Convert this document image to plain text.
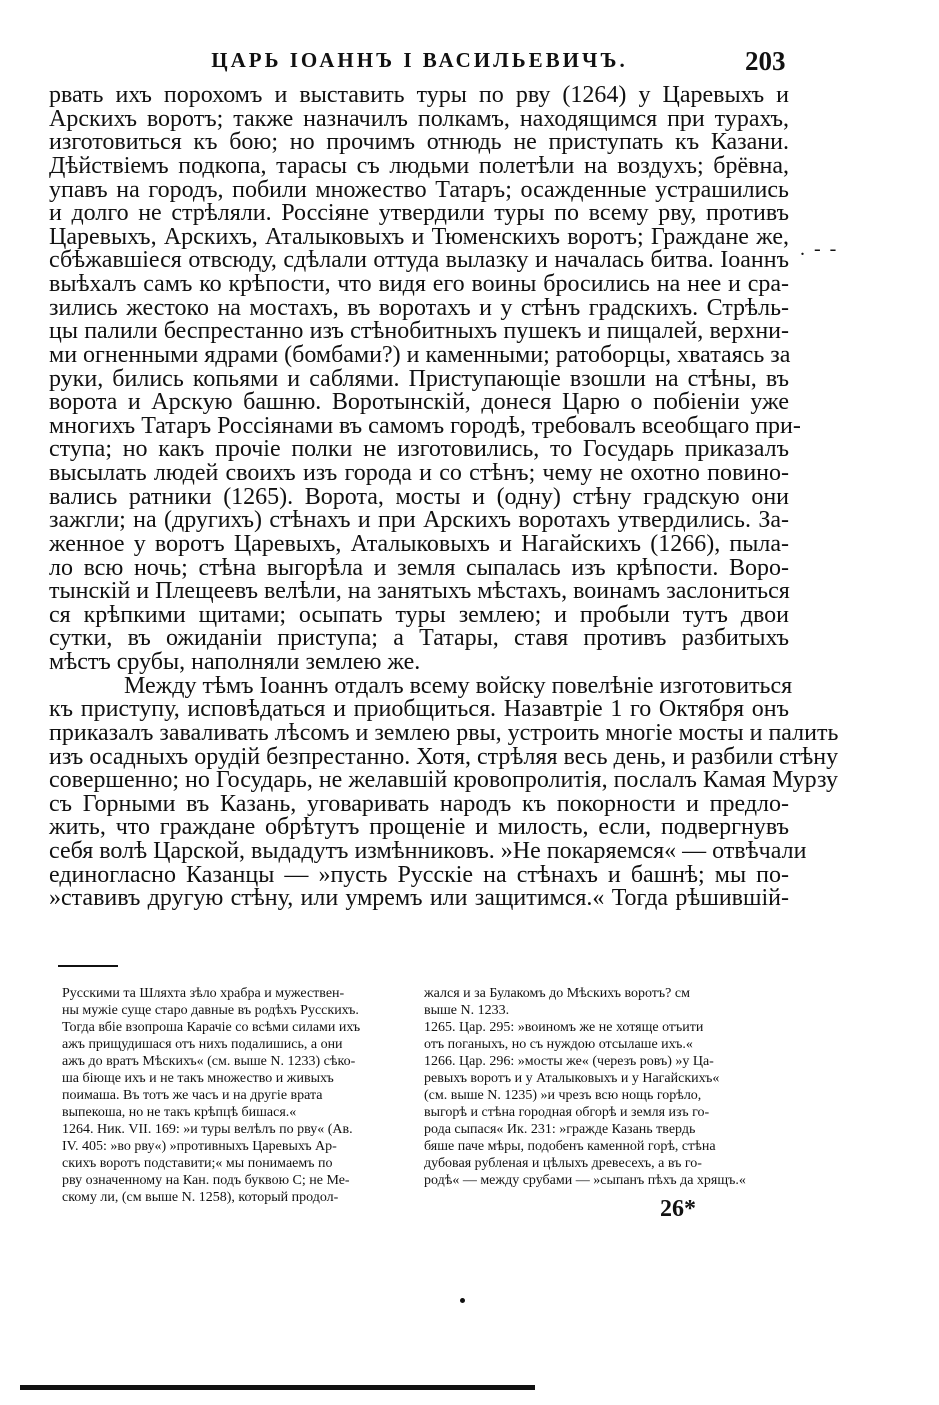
ЦАРЬ ІОАННЪ І ВАСИЛЬЕВИЧЪ.	203
рвать ихъ порохомъ и выставить туры по рву (1264) у Царевыхъ и
Арскихъ воротъ; также назначилъ полкамъ, находящимся при турахъ,
изготовиться къ бою; но прочимъ отнюдь не приступать къ Казани.
Дѣйствіемъ подкопа, тарасы съ людьми полетѣли на воздухъ; брёвна,
упавъ на городъ, побили множество Татаръ; осажденные устрашились
и долго не стрѣляли. Россіяне утвердили туры по всему рву, противъ
Царевыхъ, Арскихъ, Аталыковыхъ и Тюменскихъ воротъ; Граждане же,
сбѣжавшіеся отвсюду, сдѣлали оттуда вылазку и началась битва. Іоаннъ
выѣхалъ самъ ко крѣпости, что видя его воины бросились на нее и сра-
зились жестоко на мостахъ, въ воротахъ и у стѣнъ градскихъ. Стрѣль-
цы палили беспрестанно изъ стѣнобитныхъ пушекъ и пищалей, верхни-
ми огненными ядрами (бомбами?) и каменными; ратоборцы, хватаясь за
руки, бились копьями и саблями. Приступающіе взошли на стѣны, въ
ворота и Арскую башню. Воротынскій, донеся Царю о побіеніи уже
многихъ Татаръ Россіянами въ самомъ городѣ, требовалъ всеобщаго при-
ступа; но какъ прочіе полки не изготовились, то Государь приказалъ
высылать людей своихъ изъ города и со стѣнъ; чему не охотно повино-
вались ратники (1265). Ворота, мосты и (одну) стѣну градскую они
зажгли; на (другихъ) стѣнахъ и при Арскихъ воротахъ утвердились. За-
женное у воротъ Царевыхъ, Аталыковыхъ и Нагайскихъ (1266), пыла-
ло всю ночь; стѣна выгорѣла и земля сыпалась изъ крѣпости. Воро-
тынскій и Плещеевъ велѣли, на занятыхъ мѣстахъ, воинамъ заслониться
ся крѣпкими щитами; осыпать туры землею; и пробыли тутъ двои
сутки, въ ожиданіи приступа; а Татары, ставя противъ разбитыхъ
мѣстъ срубы, наполняли землею же.
Между тѣмъ Іоаннъ отдалъ всему войску повелѣніе изготовиться
къ приступу, исповѣдаться и приобщиться. Назавтріе 1 го Октября онъ
приказалъ заваливать лѣсомъ и землею рвы, устроить многіе мосты и палить
изъ осадныхъ орудій безпрестанно. Хотя, стрѣляя весь день, и разбили стѣну
совершенно; но Государь, не желавшій кровопролитія, послалъ Камая Мурзу
съ Горными въ Казань, уговаривать народъ къ покорности и предло-
жить, что граждане обрѣтутъ прощеніе и милость, если, подвергнувъ
себя волѣ Царской, выдадутъ измѣнниковъ. »Не покаряемся« — отвѣчали
единогласно Казанцы — »пусть Русскіе на стѣнахъ и башнѣ; мы по-
»ставивъ другую стѣну, или умремъ или защитимся.« Тогда рѣшившій-
. - -
Русскими та Шляхта зѣло храбра и мужествен-
ны мужіе суще старо давные въ родѣхъ Русскихъ.
Тогда вбіе взопроша Карачіе со всѣми силами ихъ
ажъ прищудишася отъ нихъ подалишись, а они
ажъ до вратъ Мѣскихъ« (см. выше N. 1233) сѣко-
ша біюще ихъ и не такъ множество и живыхъ
поимаша. Въ тотъ же часъ и на другіе врата
выпекоша, но не такъ крѣпцѣ бишася.«
1264. Ник. VII. 169: »и туры велѣлъ по рву« (Ав.
IV. 405: »во рву«) »противныхъ Царевыхъ Ар-
скихъ воротъ подставити;« мы понимаемъ по
рву означенному на Кан. подъ буквою С; не Ме-
скому ли, (см выше N. 1258), который продол-
жался и за Булакомъ до Мѣскихъ воротъ? см
выше N. 1233.
1265. Цар. 295: »воиномъ же не хотяще отъити
отъ поганыхъ, но съ нуждою отсылаше ихъ.«
1266. Цар. 296: »мосты же« (черезъ ровъ) »у Ца-
ревыхъ воротъ и у Аталыковыхъ и у Нагайскихъ«
(см. выше N. 1235) »и чрезъ всю нощь горѣло,
выгорѣ и стѣна городная обгорѣ и земля изъ го-
рода сыпася« Ик. 231: »граждe Казань твердь
бяше паче мѣры, подобенъ каменной горѣ, стѣна
дубовая рубленая и цѣлыхъ древесехъ, а въ го-
родѣ« — между срубами — »сыпанъ пѣхъ да хрящъ.«
26*
